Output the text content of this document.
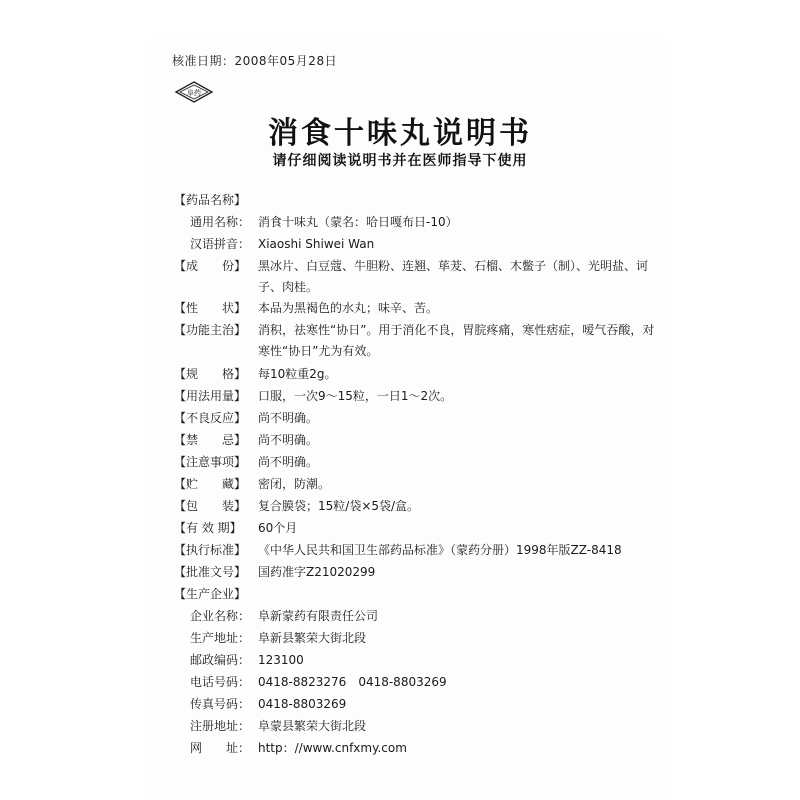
核准日期：2008年05月28日
阜药
消食十味丸说明书
请仔细阅读说明书并在医师指导下使用
【药品名称】
通用名称： 消食十味丸（蒙名：哈日嘎布日-10）
汉语拼音： Xiaoshi Shiwei Wan
【成　　份】 黑冰片、白豆蔻、牛胆粉、连翘、荜茇、石榴、木鳖子（制）、光明盐、诃子、肉桂。
【性　　状】 本品为黑褐色的水丸；味辛、苦。
【功能主治】 消积，祛寒性“协日”。用于消化不良，胃脘疼痛，寒性痞症，嗳气吞酸，对寒性“协日”尤为有效。
【规　　格】 每10粒重2g。
【用法用量】 口服，一次9～15粒，一日1～2次。
【不良反应】 尚不明确。
【禁　　忌】 尚不明确。
【注意事项】 尚不明确。
【贮　　藏】 密闭，防潮。
【包　　装】 复合膜袋；15粒/袋×5袋/盒。
【有 效 期】 60个月
【执行标准】 《中华人民共和国卫生部药品标准》（蒙药分册）1998年版ZZ-8418
【批准文号】 国药准字Z21020299
【生产企业】
企业名称： 阜新蒙药有限责任公司
生产地址： 阜新县繁荣大街北段
邮政编码： 123100
电话号码： 0418-8823276　0418-8803269
传真号码： 0418-8803269
注册地址： 阜蒙县繁荣大街北段
网　　址： http：//www.cnfxmy.com
